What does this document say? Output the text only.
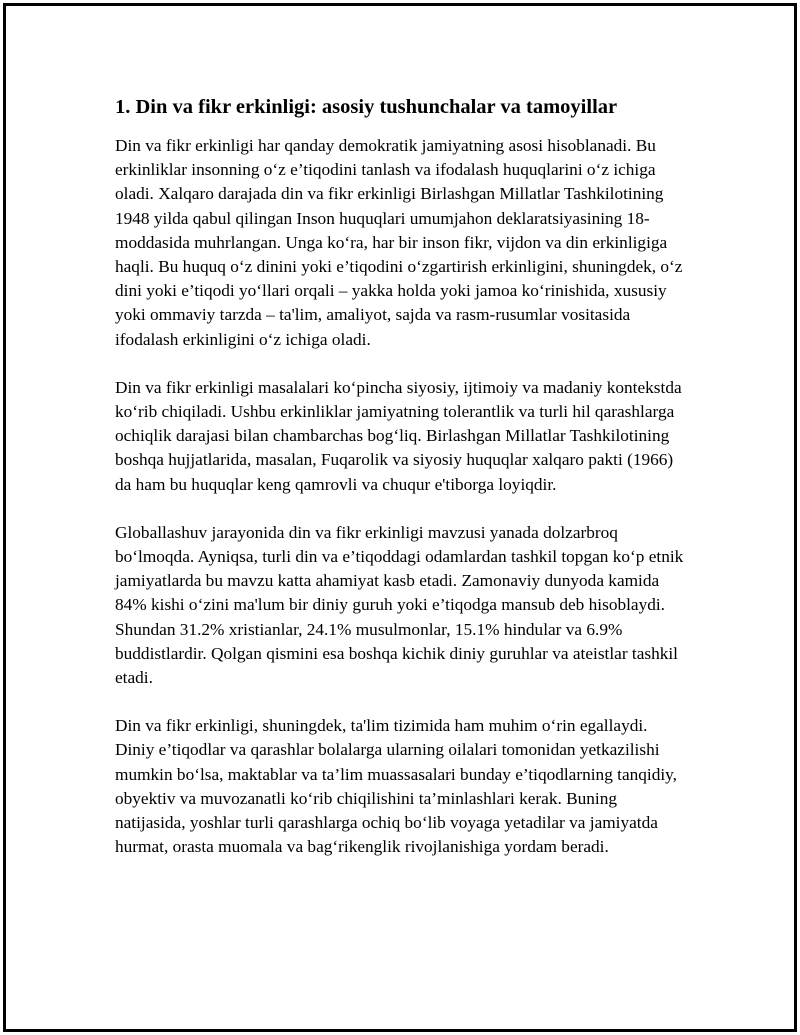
1. Din va fikr erkinligi: asosiy tushunchalar va tamoyillar

Din va fikr erkinligi har qanday demokratik jamiyatning asosi hisoblanadi. Bu erkinliklar insonning o‘z e’tiqodini tanlash va ifodalash huquqlarini o‘z ichiga oladi. Xalqaro darajada din va fikr erkinligi Birlashgan Millatlar Tashkilotining 1948 yilda qabul qilingan Inson huquqlari umumjahon deklaratsiyasining 18-moddasida muhrlangan. Unga ko‘ra, har bir inson fikr, vijdon va din erkinligiga haqli. Bu huquq o‘z dinini yoki e’tiqodini o‘zgartirish erkinligini, shuningdek, o‘z dini yoki e’tiqodi yo‘llari orqali – yakka holda yoki jamoa ko‘rinishida, xususiy yoki ommaviy tarzda – ta'lim, amaliyot, sajda va rasm-rusumlar vositasida ifodalash erkinligini o‘z ichiga oladi.

Din va fikr erkinligi masalalari ko‘pincha siyosiy, ijtimoiy va madaniy kontekstda ko‘rib chiqiladi. Ushbu erkinliklar jamiyatning tolerantlik va turli hil qarashlarga ochiqlik darajasi bilan chambarchas bog‘liq. Birlashgan Millatlar Tashkilotining boshqa hujjatlarida, masalan, Fuqarolik va siyosiy huquqlar xalqaro pakti (1966) da ham bu huquqlar keng qamrovli va chuqur e'tiborga loyiqdir.

Globallashuv jarayonida din va fikr erkinligi mavzusi yanada dolzarbroq bo‘lmoqda. Ayniqsa, turli din va e’tiqoddagi odamlardan tashkil topgan ko‘p etnik jamiyatlarda bu mavzu katta ahamiyat kasb etadi. Zamonaviy dunyoda kamida 84% kishi o‘zini ma'lum bir diniy guruh yoki e’tiqodga mansub deb hisoblaydi. Shundan 31.2% xristianlar, 24.1% musulmonlar, 15.1% hindular va 6.9% buddistlardir. Qolgan qismini esa boshqa kichik diniy guruhlar va ateistlar tashkil etadi.

Din va fikr erkinligi, shuningdek, ta'lim tizimida ham muhim o‘rin egallaydi. Diniy e’tiqodlar va qarashlar bolalarga ularning oilalari tomonidan yetkazilishi mumkin bo‘lsa, maktablar va ta’lim muassasalari bunday e’tiqodlarning tanqidiy, obyektiv va muvozanatli ko‘rib chiqilishini ta’minlashlari kerak. Buning natijasida, yoshlar turli qarashlarga ochiq bo‘lib voyaga yetadilar va jamiyatda hurmat, orasta muomala va bag‘rikenglik rivojlanishiga yordam beradi.
